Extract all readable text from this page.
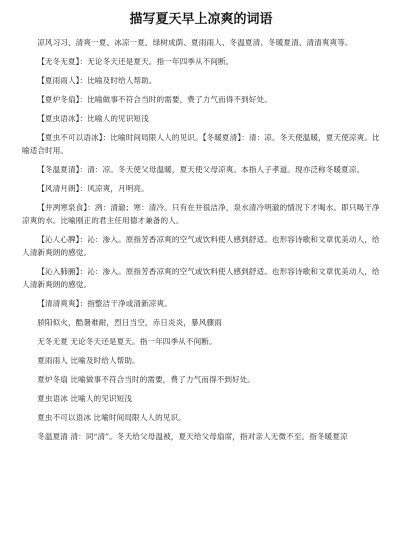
描写夏天早上凉爽的词语
凉风习习、清爽一夏、冰凉一夏、绿树成荫、夏雨雨人、冬温夏清、冬暖夏清、清清爽爽等。
【无冬无夏】：无论冬天还是夏天。指一年四季从不间断。
【夏雨雨人】：比喻及时给人帮助。
【夏炉冬扇】：比喻做事不符合当时的需要，费了力气而得不到好处。
【夏虫语冰】：比喻人的见识短浅
【夏虫不可以语冰】：比喻时间局限人人的见识。【冬暖夏清】：清：凉。冬天使温暖，夏天使凉爽。比喻适合时用。
【冬温夏清】：清：凉。冬天使父母温暖，夏天使父母凉爽。本指人子孝道。现亦泛称冬暖夏凉。
【风清月朗】：风凉爽，月明亮。
【井冽寒泉食】：洌：清澈；寒：清冷。只有在井很洁净，泉水清冷明澈的情况下才喝水。即只喝干净凉爽的水。比喻刚正的君主任用德才兼备的人。
【沁人心脾】：沁：渗入。原指芳香凉爽的空气或饮料使人感到舒适。也形容诗歌和文章优美动人，给人清新爽朗的感觉。
【沁入肺腑】：沁：渗入。原指芳香凉爽的空气或饮料使人感到舒适。也形容诗歌和文章优美动人，给人清新爽朗的感觉。
【清清爽爽】：指整洁干净或清新凉爽。
骄阳似火，酷暑难耐，烈日当空，赤日炎炎，暴风骤雨
无冬无夏 无论冬天还是夏天。指一年四季从不间断。
夏雨雨人 比喻及时给人帮助。
夏炉冬扇 比喻做事不符合当时的需要，费了力气而得不到好处。
夏虫语冰 比喻人的见识短浅
夏虫不可以语冰 比喻时间局限人人的见识。
冬温夏清 清：同“清”。冬天给父母温被，夏天给父母扇席，指对亲人无微不至。指冬暖夏凉
